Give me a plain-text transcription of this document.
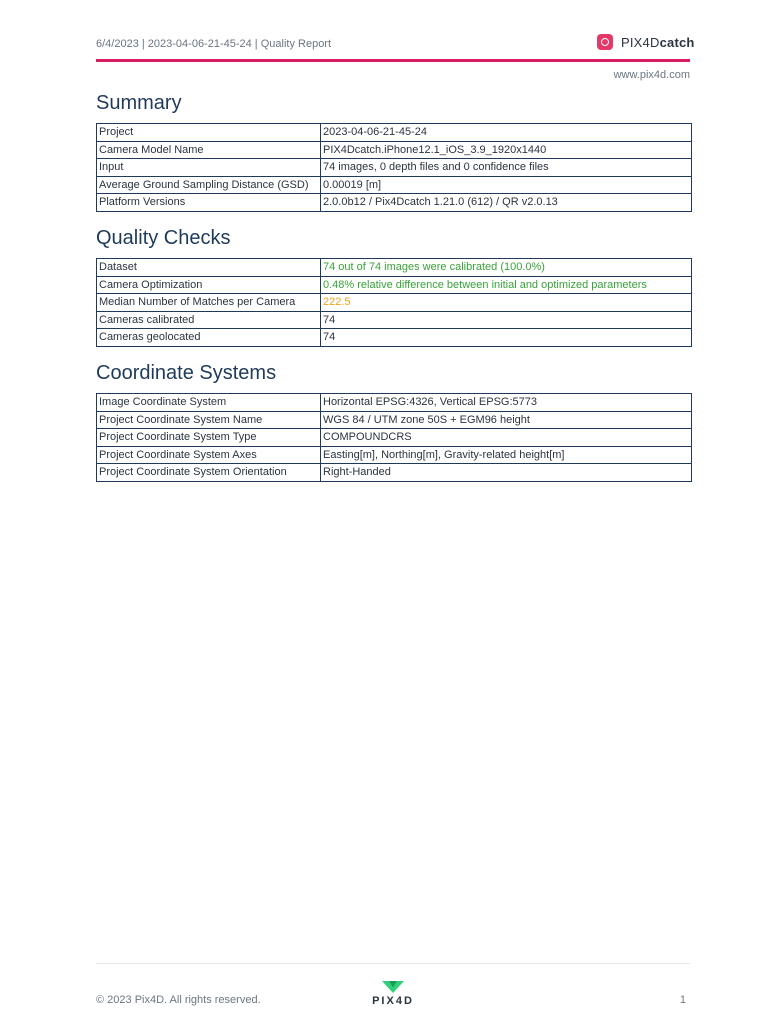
6/4/2023 | 2023-04-06-21-45-24 | Quality Report	PIX4Dcatch
www.pix4d.com
Summary
Project	2023-04-06-21-45-24
Camera Model Name	PIX4Dcatch.iPhone12.1_iOS_3.9_1920x1440
Input	74 images, 0 depth files and 0 confidence files
Average Ground Sampling Distance (GSD)	0.00019 [m]
Platform Versions	2.0.0b12 / Pix4Dcatch 1.21.0 (612) / QR v2.0.13
Quality Checks
Dataset	74 out of 74 images were calibrated (100.0%)
Camera Optimization	0.48% relative difference between initial and optimized parameters
Median Number of Matches per Camera	222.5
Cameras calibrated	74
Cameras geolocated	74
Coordinate Systems
Image Coordinate System	Horizontal EPSG:4326, Vertical EPSG:5773
Project Coordinate System Name	WGS 84 / UTM zone 50S + EGM96 height
Project Coordinate System Type	COMPOUNDCRS
Project Coordinate System Axes	Easting[m], Northing[m], Gravity-related height[m]
Project Coordinate System Orientation	Right-Handed
© 2023 Pix4D. All rights reserved.	PIX4D	1
